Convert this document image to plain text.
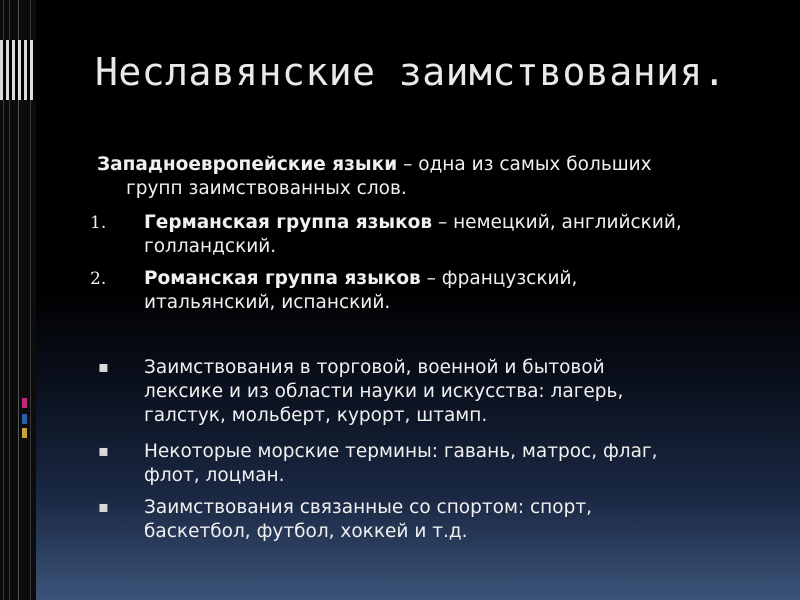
Неславянские заимствования.
Западноевропейские языки – одна из самых больших
групп заимствованных слов.
1.	Германская группа языков – немецкий, английский,
голландский.
2.	Романская группа языков – французский,
итальянский, испанский.
▪	Заимствования в торговой, военной и бытовой
лексике и из области науки и искусства: лагерь,
галстук, мольберт, курорт, штамп.
▪	Некоторые морские термины: гавань, матрос, флаг,
флот, лоцман.
▪	Заимствования связанные со спортом: спорт,
баскетбол, футбол, хоккей и т.д.
